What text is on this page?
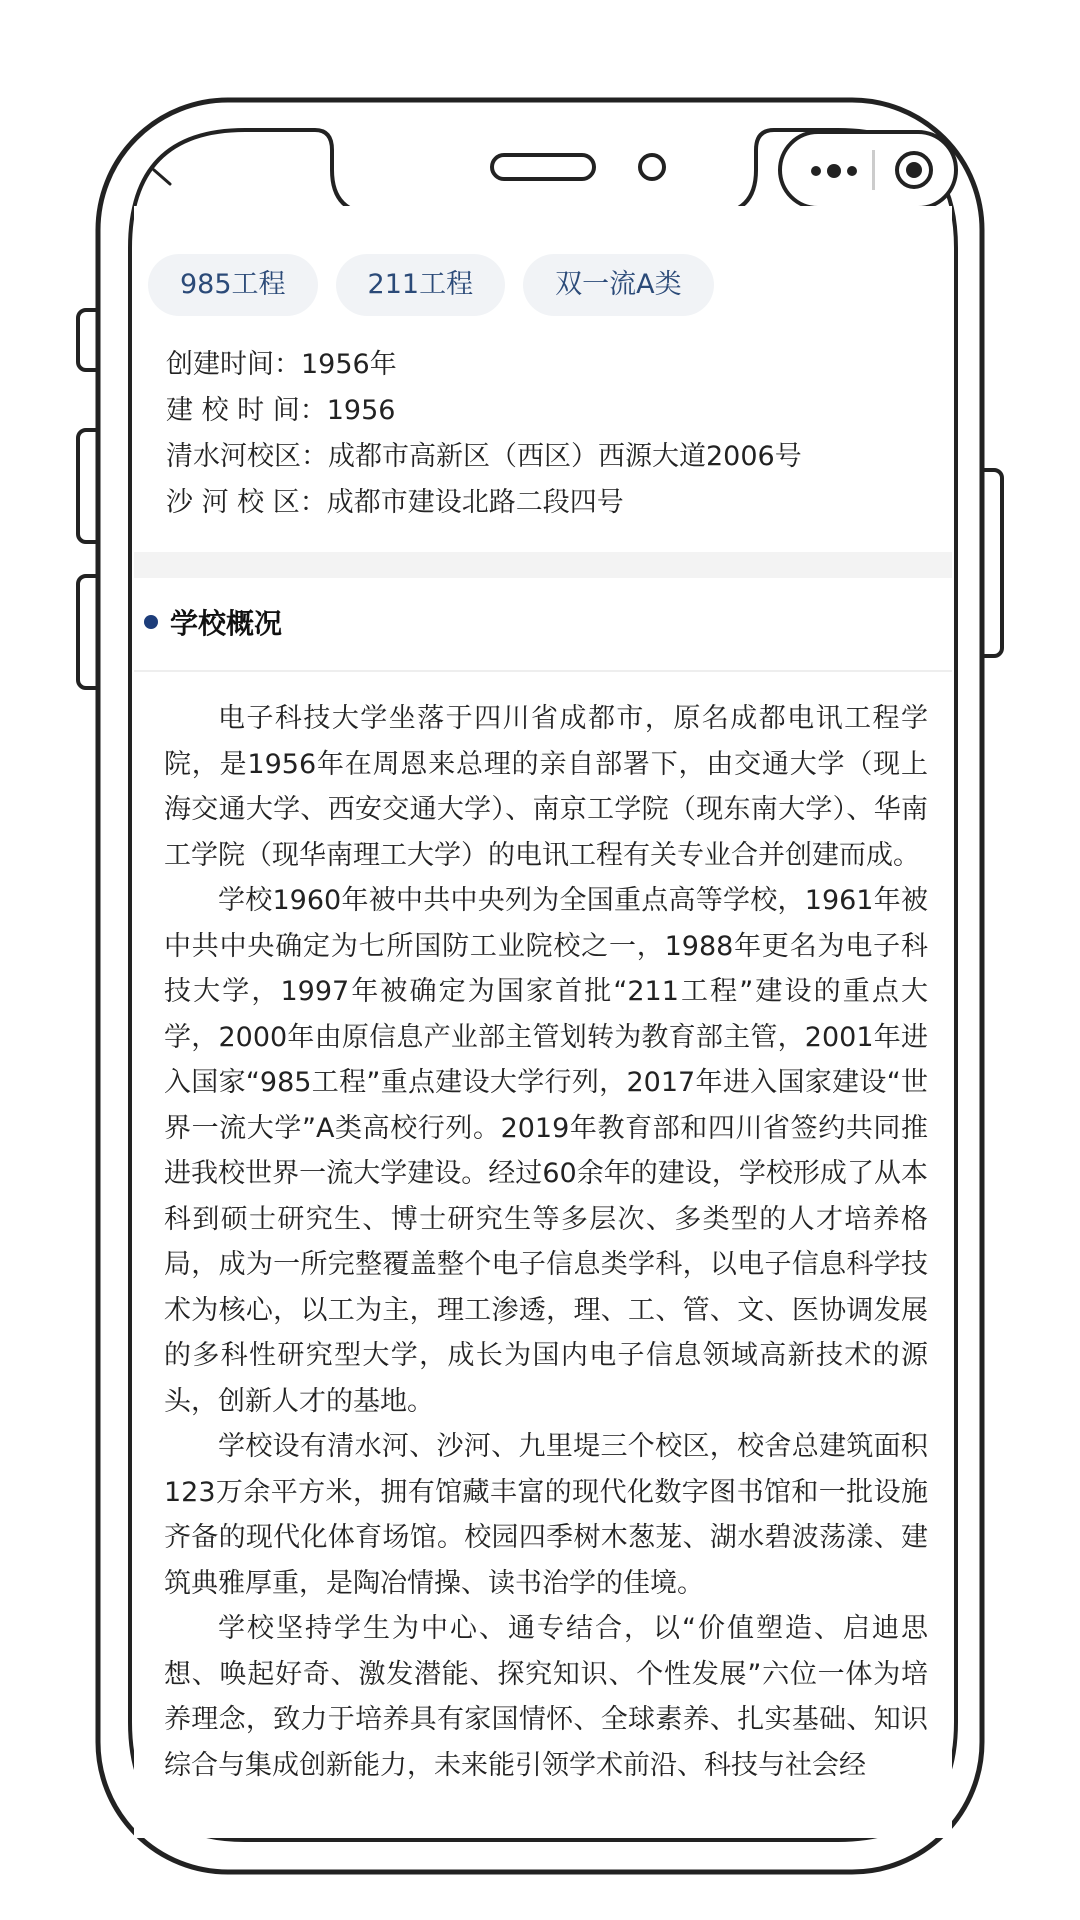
985工程	211工程	双一流A类
创建时间：1956年
建 校 时 间：1956
清水河校区：成都市高新区（西区）西源大道2006号
沙 河 校 区：成都市建设北路二段四号
学校概况

电子科技大学坐落于四川省成都市，原名成都电讯工程学院，是1956年在周恩来总理的亲自部署下，由交通大学（现上海交通大学、西安交通大学）、南京工学院（现东南大学）、华南工学院（现华南理工大学）的电讯工程有关专业合并创建而成。

学校1960年被中共中央列为全国重点高等学校，1961年被中共中央确定为七所国防工业院校之一，1988年更名为电子科技大学，1997年被确定为国家首批“211工程”建设的重点大学，2000年由原信息产业部主管划转为教育部主管，2001年进入国家“985工程”重点建设大学行列，2017年进入国家建设“世界一流大学”A类高校行列。2019年教育部和四川省签约共同推进我校世界一流大学建设。经过60余年的建设，学校形成了从本科到硕士研究生、博士研究生等多层次、多类型的人才培养格局，成为一所完整覆盖整个电子信息类学科，以电子信息科学技术为核心，以工为主，理工渗透，理、工、管、文、医协调发展的多科性研究型大学，成长为国内电子信息领域高新技术的源头，创新人才的基地。

学校设有清水河、沙河、九里堤三个校区，校舍总建筑面积123万余平方米，拥有馆藏丰富的现代化数字图书馆和一批设施齐备的现代化体育场馆。校园四季树木葱茏、湖水碧波荡漾、建筑典雅厚重，是陶冶情操、读书治学的佳境。

学校坚持学生为中心、通专结合，以“价值塑造、启迪思想、唤起好奇、激发潜能、探究知识、个性发展”六位一体为培养理念，致力于培养具有家国情怀、全球素养、扎实基础、知识综合与集成创新能力，未来能引领学术前沿、科技与社会经
